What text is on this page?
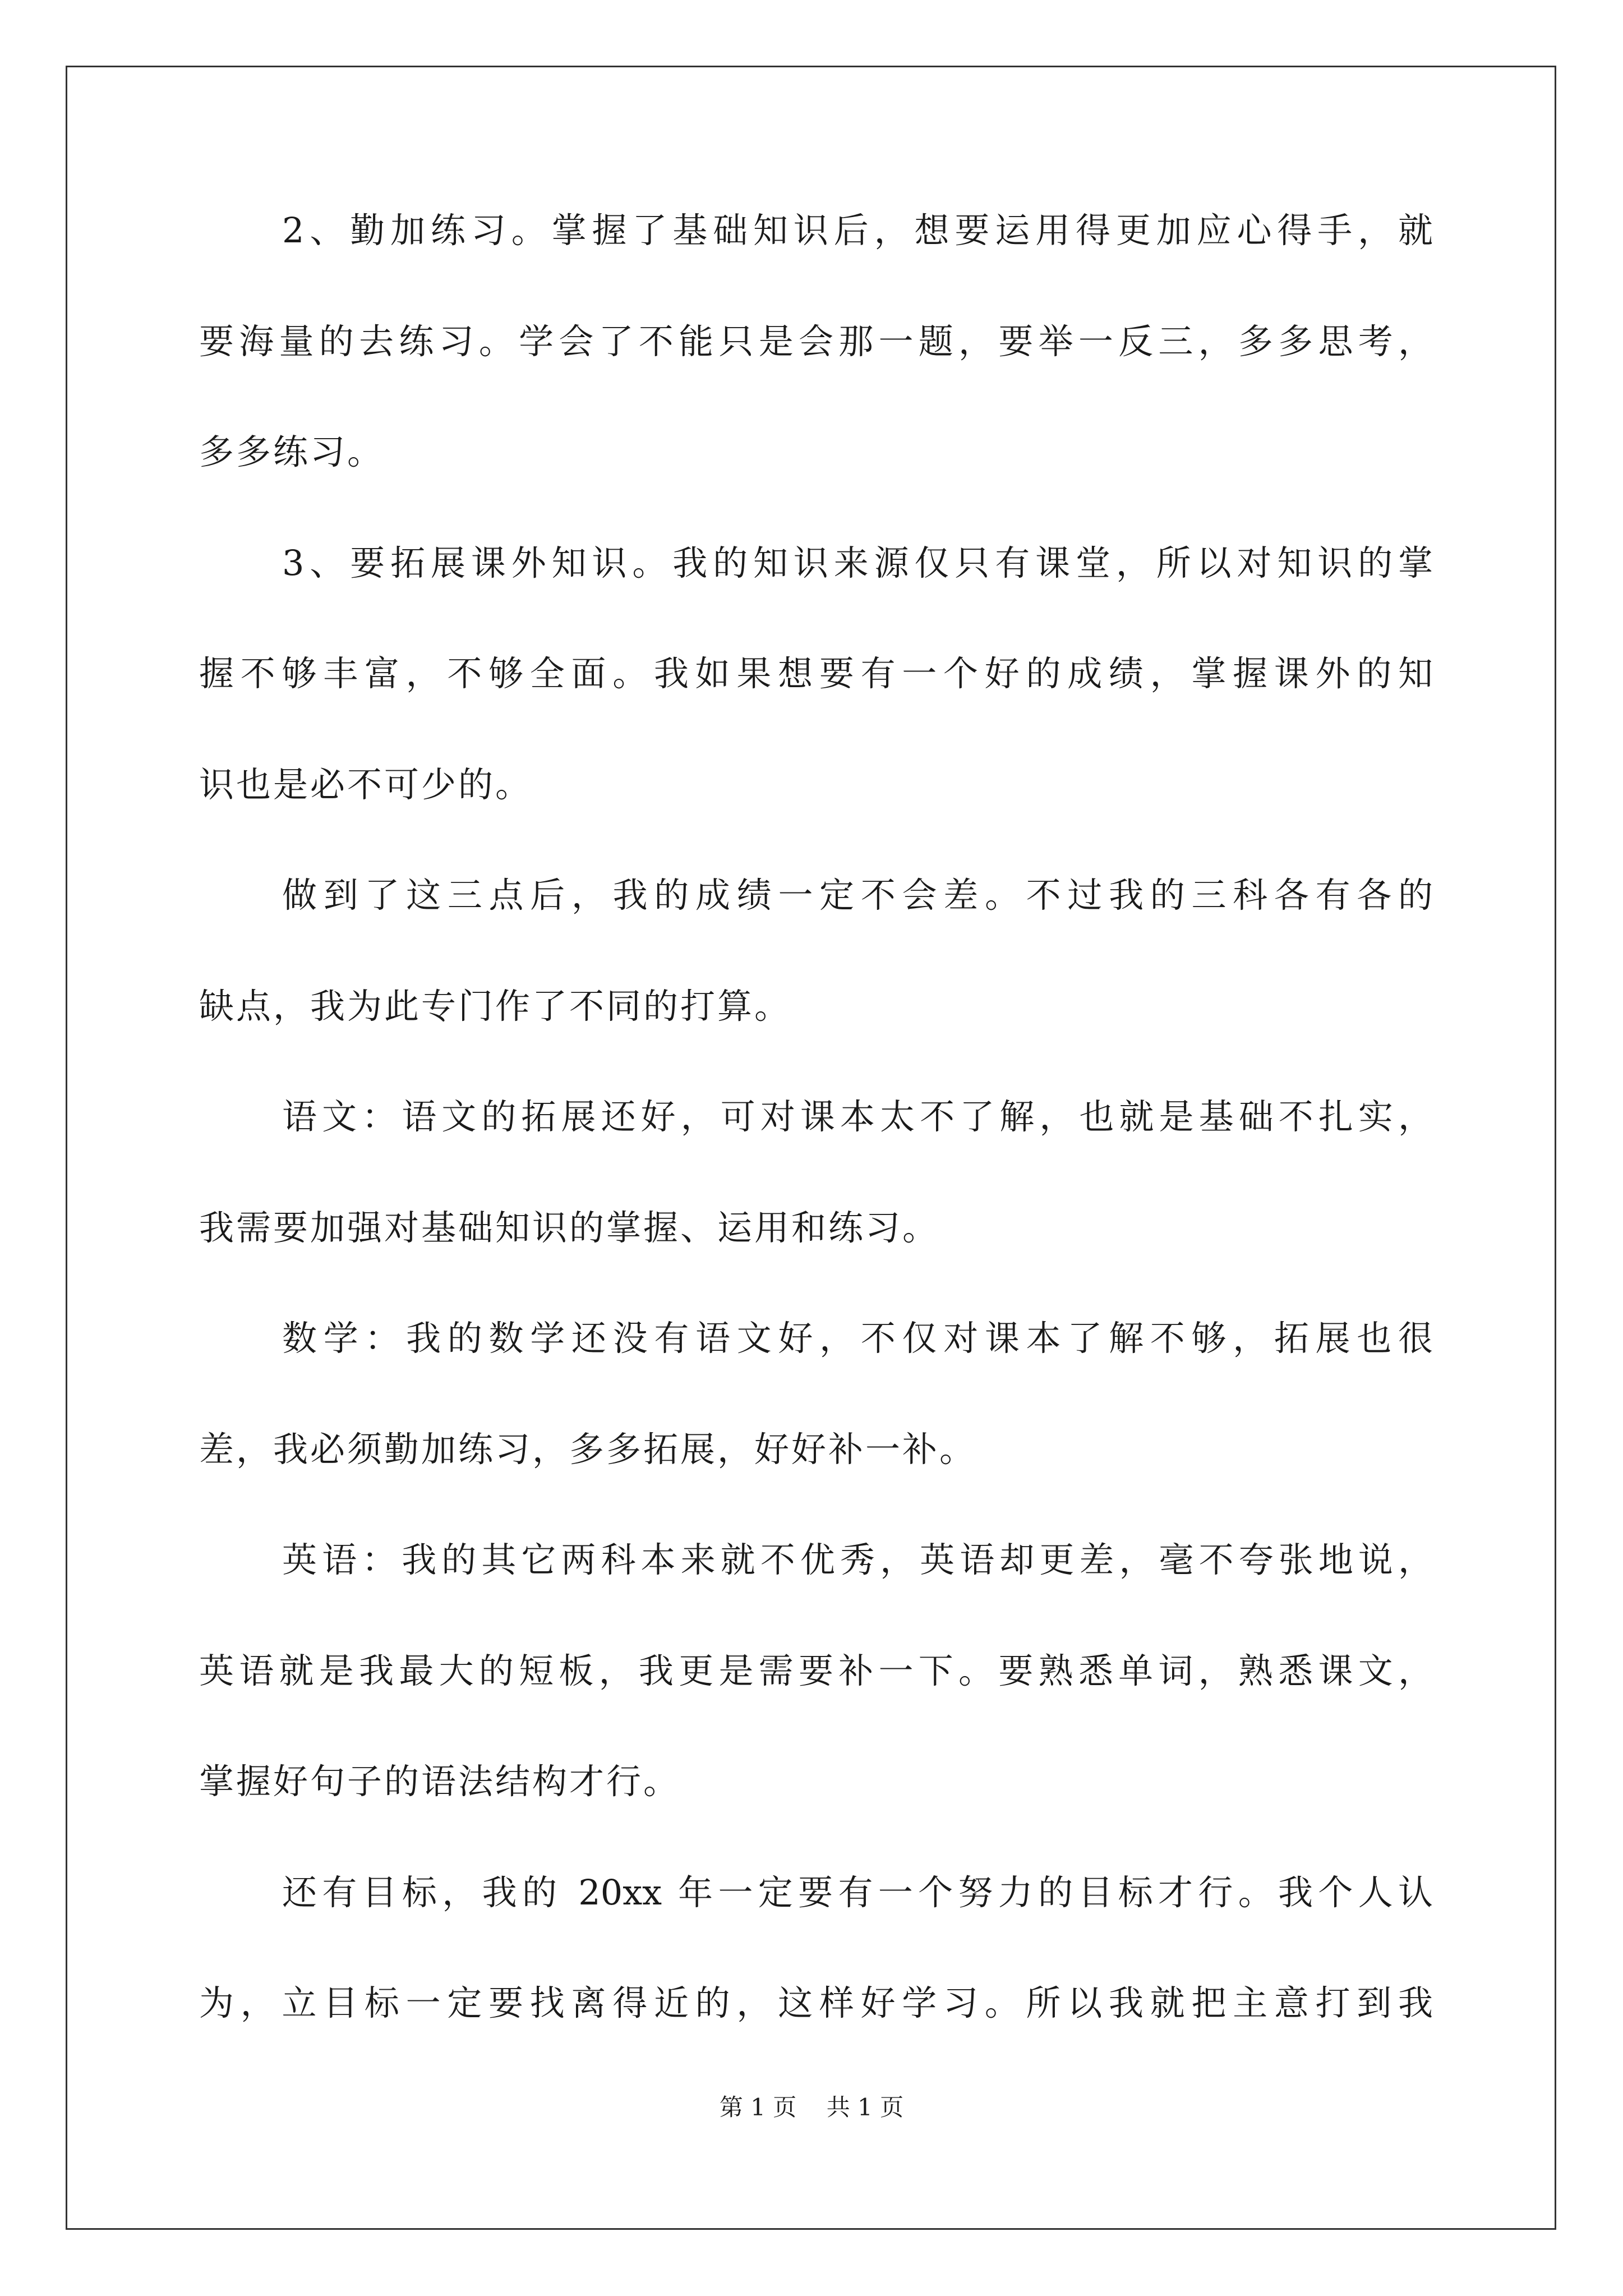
2、勤加练习。掌握了基础知识后，想要运用得更加应心得手，就
要海量的去练习。学会了不能只是会那一题，要举一反三，多多思考，
多多练习。
3、要拓展课外知识。我的知识来源仅只有课堂，所以对知识的掌
握不够丰富，不够全面。我如果想要有一个好的成绩，掌握课外的知
识也是必不可少的。
做到了这三点后，我的成绩一定不会差。不过我的三科各有各的
缺点，我为此专门作了不同的打算。
语文：语文的拓展还好，可对课本太不了解，也就是基础不扎实，
我需要加强对基础知识的掌握、运用和练习。
数学：我的数学还没有语文好，不仅对课本了解不够，拓展也很
差，我必须勤加练习，多多拓展，好好补一补。
英语：我的其它两科本来就不优秀，英语却更差，毫不夸张地说，
英语就是我最大的短板，我更是需要补一下。要熟悉单词，熟悉课文，
掌握好句子的语法结构才行。
还有目标，我的 20xx 年一定要有一个努力的目标才行。我个人认
为，立目标一定要找离得近的，这样好学习。所以我就把主意打到我
第 1 页    共 1 页
